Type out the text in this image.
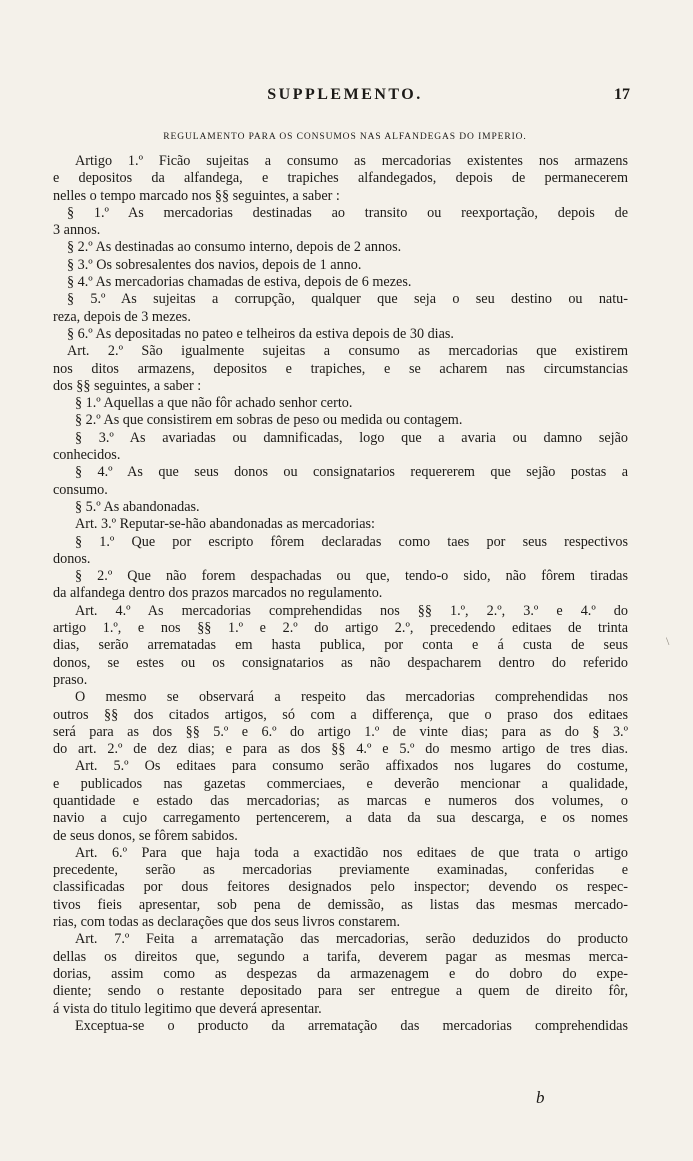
SUPPLEMENTO.	17
REGULAMENTO PARA OS CONSUMOS NAS ALFANDEGAS DO IMPERIO.
Artigo 1.º Ficão sujeitas a consumo as mercadorias existentes nos armazens
e depositos da alfandega, e trapiches alfandegados, depois de permanecerem
nelles o tempo marcado nos §§ seguintes, a saber :
§ 1.º As mercadorias destinadas ao transito ou reexportação, depois de
3 annos.
§ 2.º As destinadas ao consumo interno, depois de 2 annos.
§ 3.º Os sobresalentes dos navios, depois de 1 anno.
§ 4.º As mercadorias chamadas de estiva, depois de 6 mezes.
§ 5.º As sujeitas a corrupção, qualquer que seja o seu destino ou natu-
reza, depois de 3 mezes.
§ 6.º As depositadas no pateo e telheiros da estiva depois de 30 dias.
Art. 2.º São igualmente sujeitas a consumo as mercadorias que existirem
nos ditos armazens, depositos e trapiches, e se acharem nas circumstancias
dos §§ seguintes, a saber :
§ 1.º Aquellas a que não fôr achado senhor certo.
§ 2.º As que consistirem em sobras de peso ou medida ou contagem.
§ 3.º As avariadas ou damnificadas, logo que a avaria ou damno sejão
conhecidos.
§ 4.º As que seus donos ou consignatarios requererem que sejão postas a
consumo.
§ 5.º As abandonadas.
Art. 3.º Reputar-se-hão abandonadas as mercadorias:
§ 1.º Que por escripto fôrem declaradas como taes por seus respectivos
donos.
§ 2.º Que não forem despachadas ou que, tendo-o sido, não fôrem tiradas
da alfandega dentro dos prazos marcados no regulamento.
Art. 4.º As mercadorias comprehendidas nos §§ 1.º, 2.º, 3.º e 4.º do
artigo 1.º, e nos §§ 1.º e 2.º do artigo 2.º, precedendo editaes de trinta
dias, serão arrematadas em hasta publica, por conta e á custa de seus
donos, se estes ou os consignatarios as não despacharem dentro do referido
praso.
O mesmo se observará a respeito das mercadorias comprehendidas nos
outros §§ dos citados artigos, só com a differença, que o praso dos editaes
será para as dos §§ 5.º e 6.º do artigo 1.º de vinte dias; para as do § 3.º
do art. 2.º de dez dias; e para as dos §§ 4.º e 5.º do mesmo artigo de tres dias.
Art. 5.º Os editaes para consumo serão affixados nos lugares do costume,
e publicados nas gazetas commerciaes, e deverão mencionar a qualidade,
quantidade e estado das mercadorias; as marcas e numeros dos volumes, o
navio a cujo carregamento pertencerem, a data da sua descarga, e os nomes
de seus donos, se fôrem sabidos.
Art. 6.º Para que haja toda a exactidão nos editaes de que trata o artigo
precedente, serão as mercadorias previamente examinadas, conferidas e
classificadas por dous feitores designados pelo inspector; devendo os respec-
tivos fieis apresentar, sob pena de demissão, as listas das mesmas mercado-
rias, com todas as declarações que dos seus livros constarem.
Art. 7.º Feita a arrematação das mercadorias, serão deduzidos do producto
dellas os direitos que, segundo a tarifa, deverem pagar as mesmas merca-
dorias, assim como as despezas da armazenagem e do dobro do expe-
diente; sendo o restante depositado para ser entregue a quem de direito fôr,
á vista do titulo legitimo que deverá apresentar.
Exceptua-se o producto da arrematação das mercadorias comprehendidas
b
\
